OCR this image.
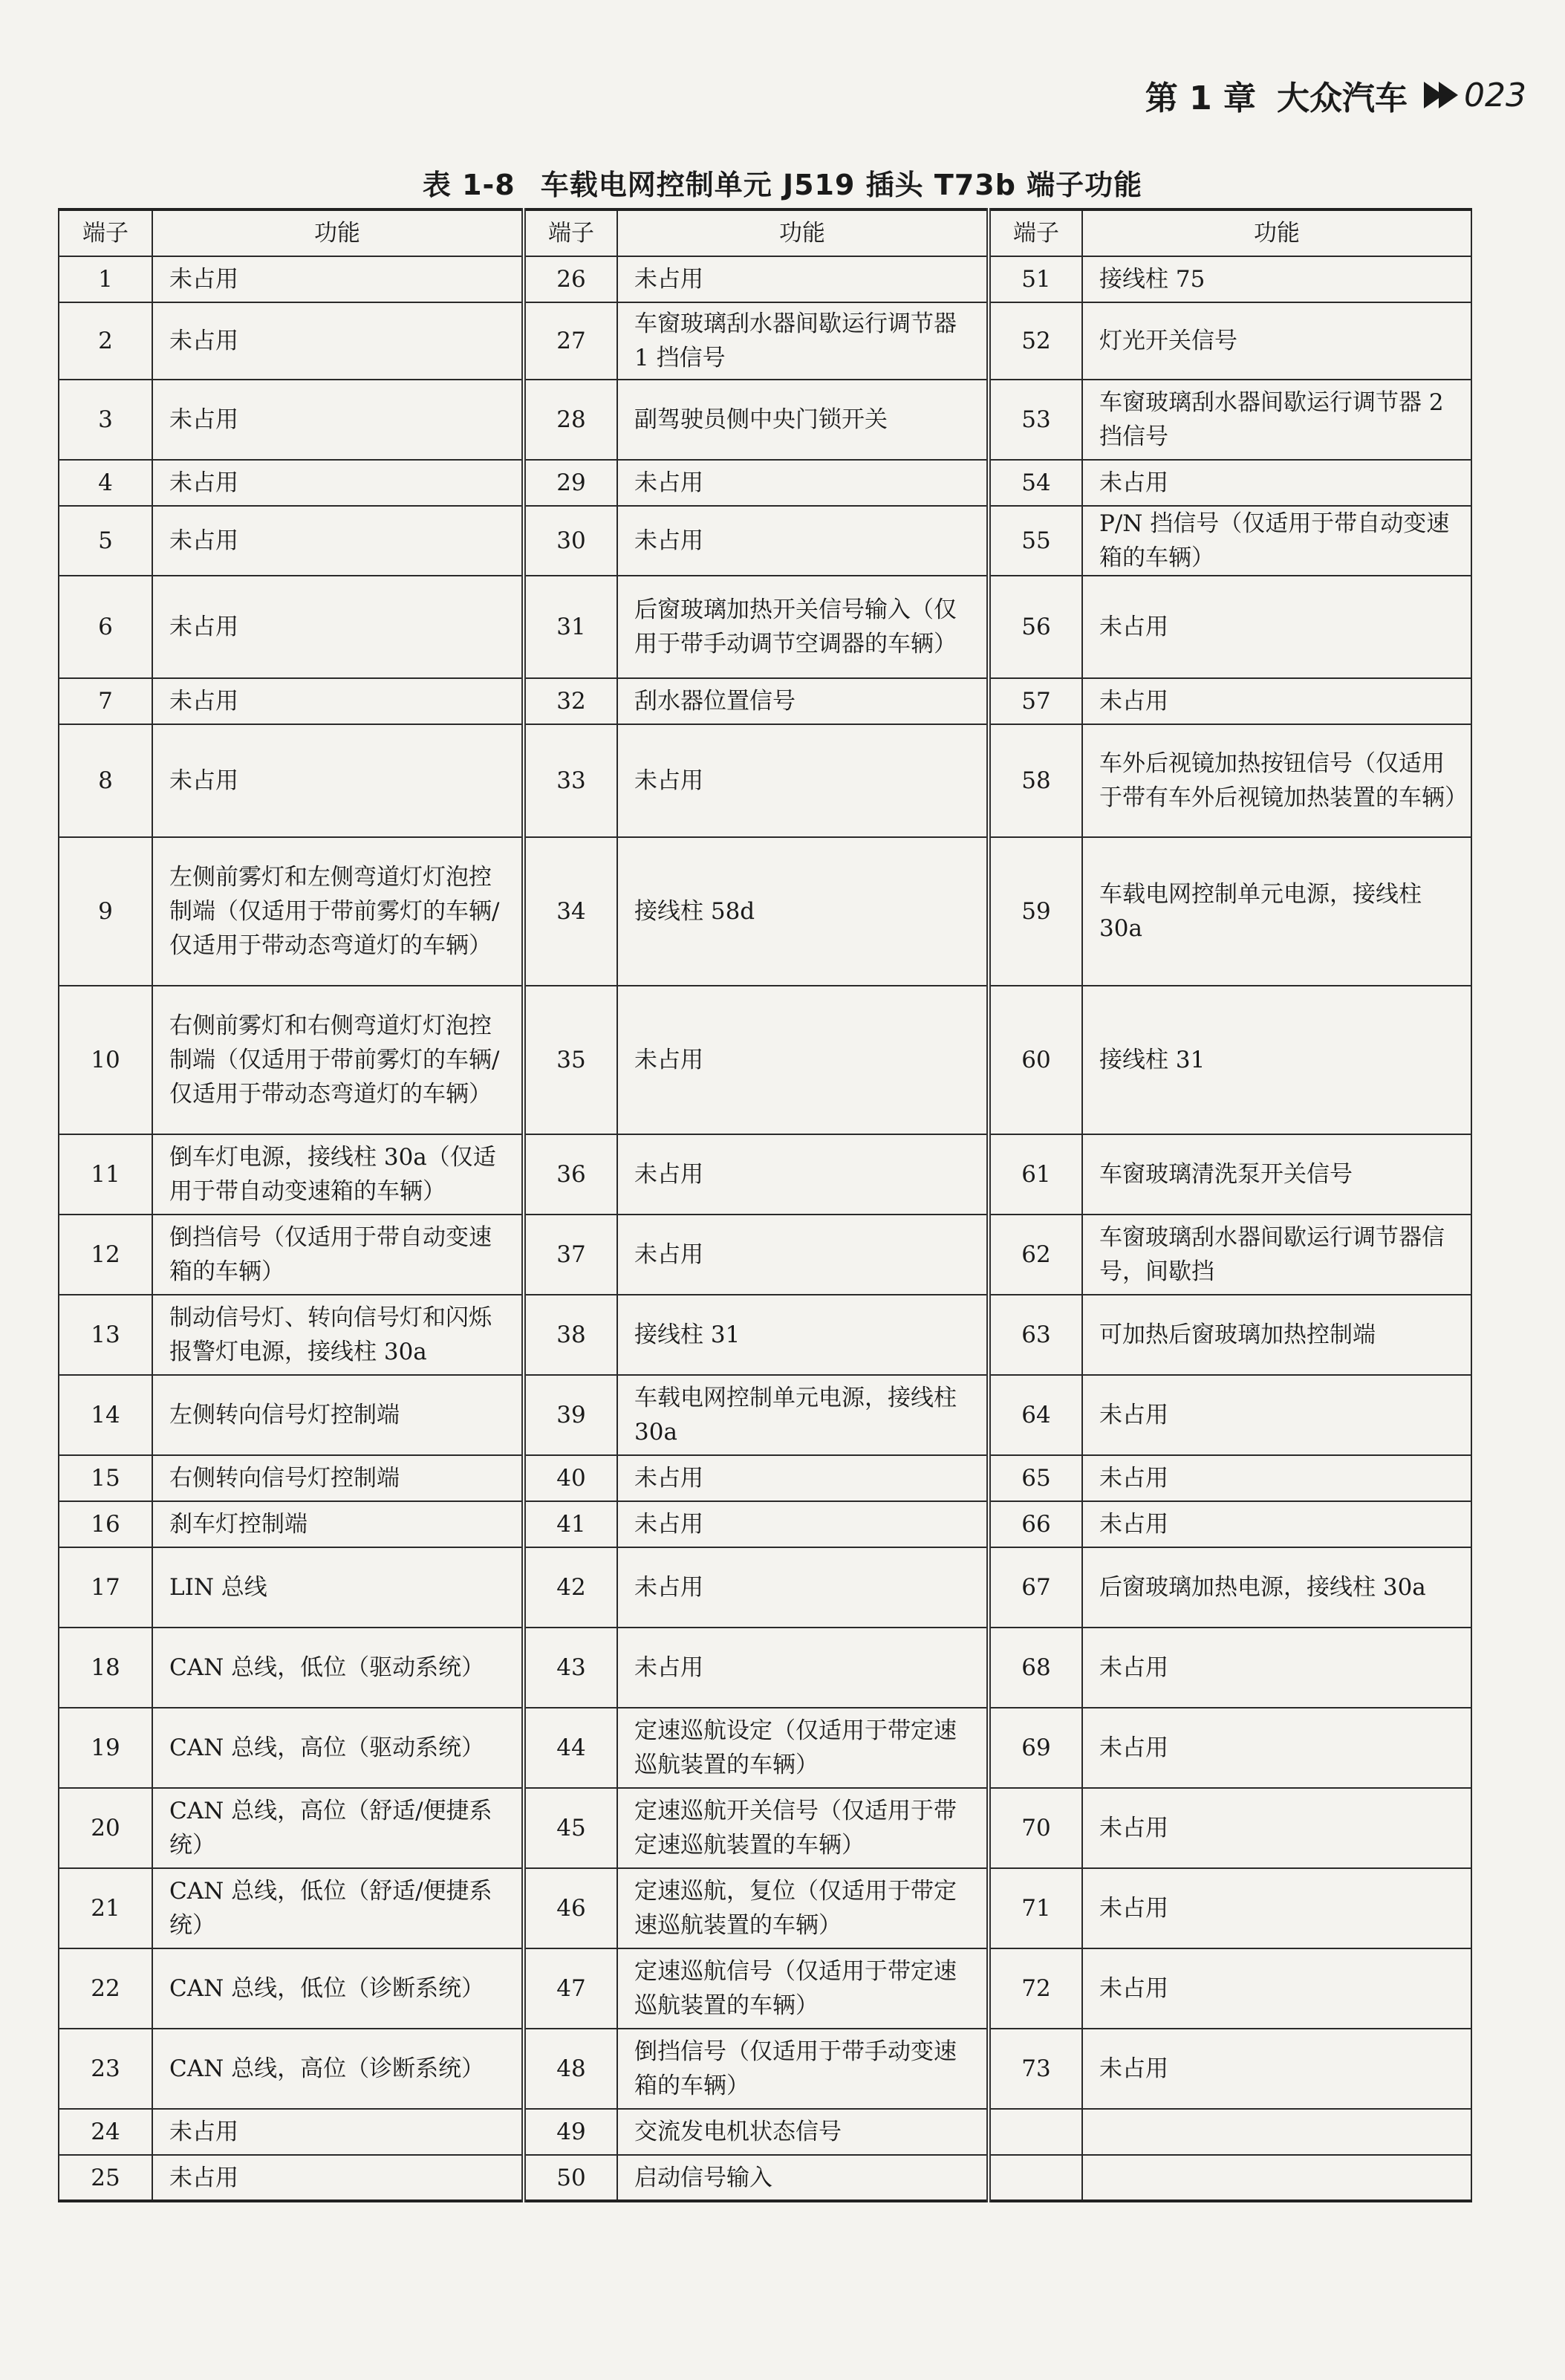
第 1 章 大众汽车 023
表 1-8 车载电网控制单元 J519 插头 T73b 端子功能
端子	功能	端子	功能	端子	功能
1	未占用	26	未占用	51	接线柱 75
2	未占用	27	车窗玻璃刮水器间歇运行调节器 1 挡信号	52	灯光开关信号
3	未占用	28	副驾驶员侧中央门锁开关	53	车窗玻璃刮水器间歇运行调节器 2 挡信号
4	未占用	29	未占用	54	未占用
5	未占用	30	未占用	55	P/N 挡信号（仅适用于带自动变速箱的车辆）
6	未占用	31	后窗玻璃加热开关信号输入（仅用于带手动调节空调器的车辆）	56	未占用
7	未占用	32	刮水器位置信号	57	未占用
8	未占用	33	未占用	58	车外后视镜加热按钮信号（仅适用于带有车外后视镜加热装置的车辆）
9	左侧前雾灯和左侧弯道灯灯泡控制端（仅适用于带前雾灯的车辆/仅适用于带动态弯道灯的车辆）	34	接线柱 58d	59	车载电网控制单元电源，接线柱 30a
10	右侧前雾灯和右侧弯道灯灯泡控制端（仅适用于带前雾灯的车辆/仅适用于带动态弯道灯的车辆）	35	未占用	60	接线柱 31
11	倒车灯电源，接线柱 30a（仅适用于带自动变速箱的车辆）	36	未占用	61	车窗玻璃清洗泵开关信号
12	倒挡信号（仅适用于带自动变速箱的车辆）	37	未占用	62	车窗玻璃刮水器间歇运行调节器信号，间歇挡
13	制动信号灯、转向信号灯和闪烁报警灯电源，接线柱 30a	38	接线柱 31	63	可加热后窗玻璃加热控制端
14	左侧转向信号灯控制端	39	车载电网控制单元电源，接线柱 30a	64	未占用
15	右侧转向信号灯控制端	40	未占用	65	未占用
16	刹车灯控制端	41	未占用	66	未占用
17	LIN 总线	42	未占用	67	后窗玻璃加热电源，接线柱 30a
18	CAN 总线，低位（驱动系统）	43	未占用	68	未占用
19	CAN 总线，高位（驱动系统）	44	定速巡航设定（仅适用于带定速巡航装置的车辆）	69	未占用
20	CAN 总线，高位（舒适/便捷系统）	45	定速巡航开关信号（仅适用于带定速巡航装置的车辆）	70	未占用
21	CAN 总线，低位（舒适/便捷系统）	46	定速巡航，复位（仅适用于带定速巡航装置的车辆）	71	未占用
22	CAN 总线，低位（诊断系统）	47	定速巡航信号（仅适用于带定速巡航装置的车辆）	72	未占用
23	CAN 总线，高位（诊断系统）	48	倒挡信号（仅适用于带手动变速箱的车辆）	73	未占用
24	未占用	49	交流发电机状态信号		
25	未占用	50	启动信号输入		
